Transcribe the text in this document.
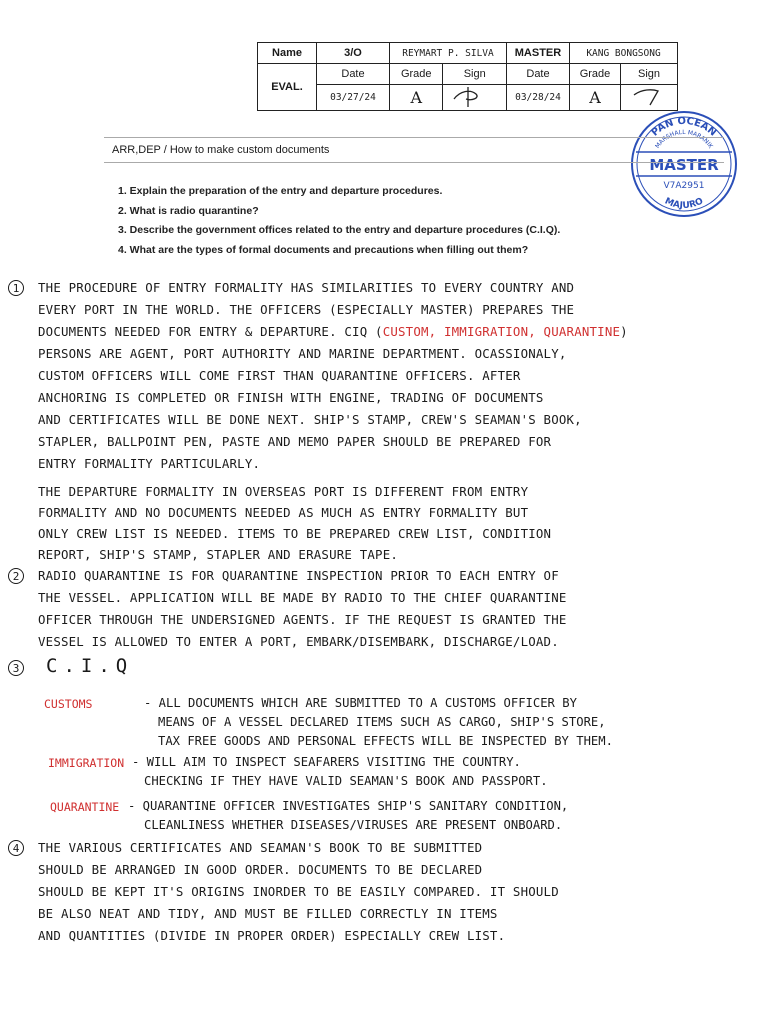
Name	3/O	REYMART P. SILVA		MASTER	KANG BONGSONG	
EVAL.	Date	Grade	Sign	Date	Grade	Sign
	03/27/24	A		03/28/24	A	
PAN OCEAN
MARSHALL MARANIK
MASTER
V7A2951
MAJURO
ARR,DEP / How to make custom documents
1. Explain the preparation of the entry and departure procedures.
2. What is radio quarantine?
3. Describe the government offices related to the entry and departure procedures (C.I.Q).
4. What are the types of formal documents and precautions when filling out them?
1	THE PROCEDURE OF ENTRY FORMALITY HAS SIMILARITIES TO EVERY COUNTRY AND
EVERY PORT IN THE WORLD. THE OFFICERS (ESPECIALLY MASTER) PREPARES THE
DOCUMENTS NEEDED FOR ENTRY & DEPARTURE. CIQ (CUSTOM, IMMIGRATION, QUARANTINE)
PERSONS ARE AGENT, PORT AUTHORITY AND MARINE DEPARTMENT. OCASSIONALY,
CUSTOM OFFICERS WILL COME FIRST THAN QUARANTINE OFFICERS. AFTER
ANCHORING IS COMPLETED OR FINISH WITH ENGINE, TRADING OF DOCUMENTS
AND CERTIFICATES WILL BE DONE NEXT. SHIP'S STAMP, CREW'S SEAMAN'S BOOK,
STAPLER, BALLPOINT PEN, PASTE AND MEMO PAPER SHOULD BE PREPARED FOR
ENTRY FORMALITY PARTICULARLY.
THE DEPARTURE FORMALITY IN OVERSEAS PORT IS DIFFERENT FROM ENTRY
FORMALITY AND NO DOCUMENTS NEEDED AS MUCH AS ENTRY FORMALITY BUT
ONLY CREW LIST IS NEEDED. ITEMS TO BE PREPARED CREW LIST, CONDITION
REPORT, SHIP'S STAMP, STAPLER AND ERASURE TAPE.
2	RADIO QUARANTINE IS FOR QUARANTINE INSPECTION PRIOR TO EACH ENTRY OF
THE VESSEL. APPLICATION WILL BE MADE BY RADIO TO THE CHIEF QUARANTINE
OFFICER THROUGH THE UNDERSIGNED AGENTS. IF THE REQUEST IS GRANTED THE
VESSEL IS ALLOWED TO ENTER A PORT, EMBARK/DISEMBARK, DISCHARGE/LOAD.
3 C.I.Q
CUSTOMS	- ALL DOCUMENTS WHICH ARE SUBMITTED TO A CUSTOMS OFFICER BY
MEANS OF A VESSEL DECLARED ITEMS SUCH AS CARGO, SHIP'S STORE,
TAX FREE GOODS AND PERSONAL EFFECTS WILL BE INSPECTED BY THEM.
IMMIGRATION - WILL AIM TO INSPECT SEAFARERS VISITING THE COUNTRY.
CHECKING IF THEY HAVE VALID SEAMAN'S BOOK AND PASSPORT.
QUARANTINE - QUARANTINE OFFICER INVESTIGATES SHIP'S SANITARY CONDITION,
CLEANLINESS WHETHER DISEASES/VIRUSES ARE PRESENT ONBOARD.
4	THE VARIOUS CERTIFICATES AND SEAMAN'S BOOK TO BE SUBMITTED
SHOULD BE ARRANGED IN GOOD ORDER. DOCUMENTS TO BE DECLARED
SHOULD BE KEPT IT'S ORIGINS INORDER TO BE EASILY COMPARED. IT SHOULD
BE ALSO NEAT AND TIDY, AND MUST BE FILLED CORRECTLY IN ITEMS
AND QUANTITIES (DIVIDE IN PROPER ORDER) ESPECIALLY CREW LIST.
